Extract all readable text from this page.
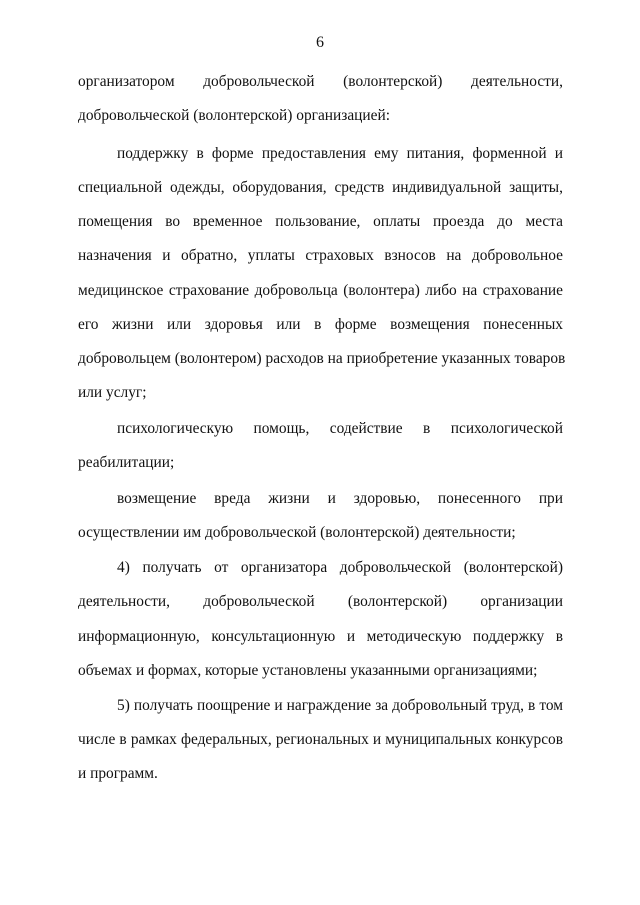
6
организатором добровольческой (волонтерской) деятельности,
добровольческой (волонтерской) организацией:
поддержку в форме предоставления ему питания, форменной и
специальной одежды, оборудования, средств индивидуальной защиты,
помещения во временное пользование, оплаты проезда до места
назначения и обратно, уплаты страховых взносов на добровольное
медицинское страхование добровольца (волонтера) либо на страхование
его жизни или здоровья или в форме возмещения понесенных
добровольцем (волонтером) расходов на приобретение указанных товаров
или услуг;
психологическую помощь, содействие в психологической
реабилитации;
возмещение вреда жизни и здоровью, понесенного при
осуществлении им добровольческой (волонтерской) деятельности;
4) получать от организатора добровольческой (волонтерской)
деятельности, добровольческой (волонтерской) организации
информационную, консультационную и методическую поддержку в
объемах и формах, которые установлены указанными организациями;
5) получать поощрение и награждение за добровольный труд, в том
числе в рамках федеральных, региональных и муниципальных конкурсов
и программ.
